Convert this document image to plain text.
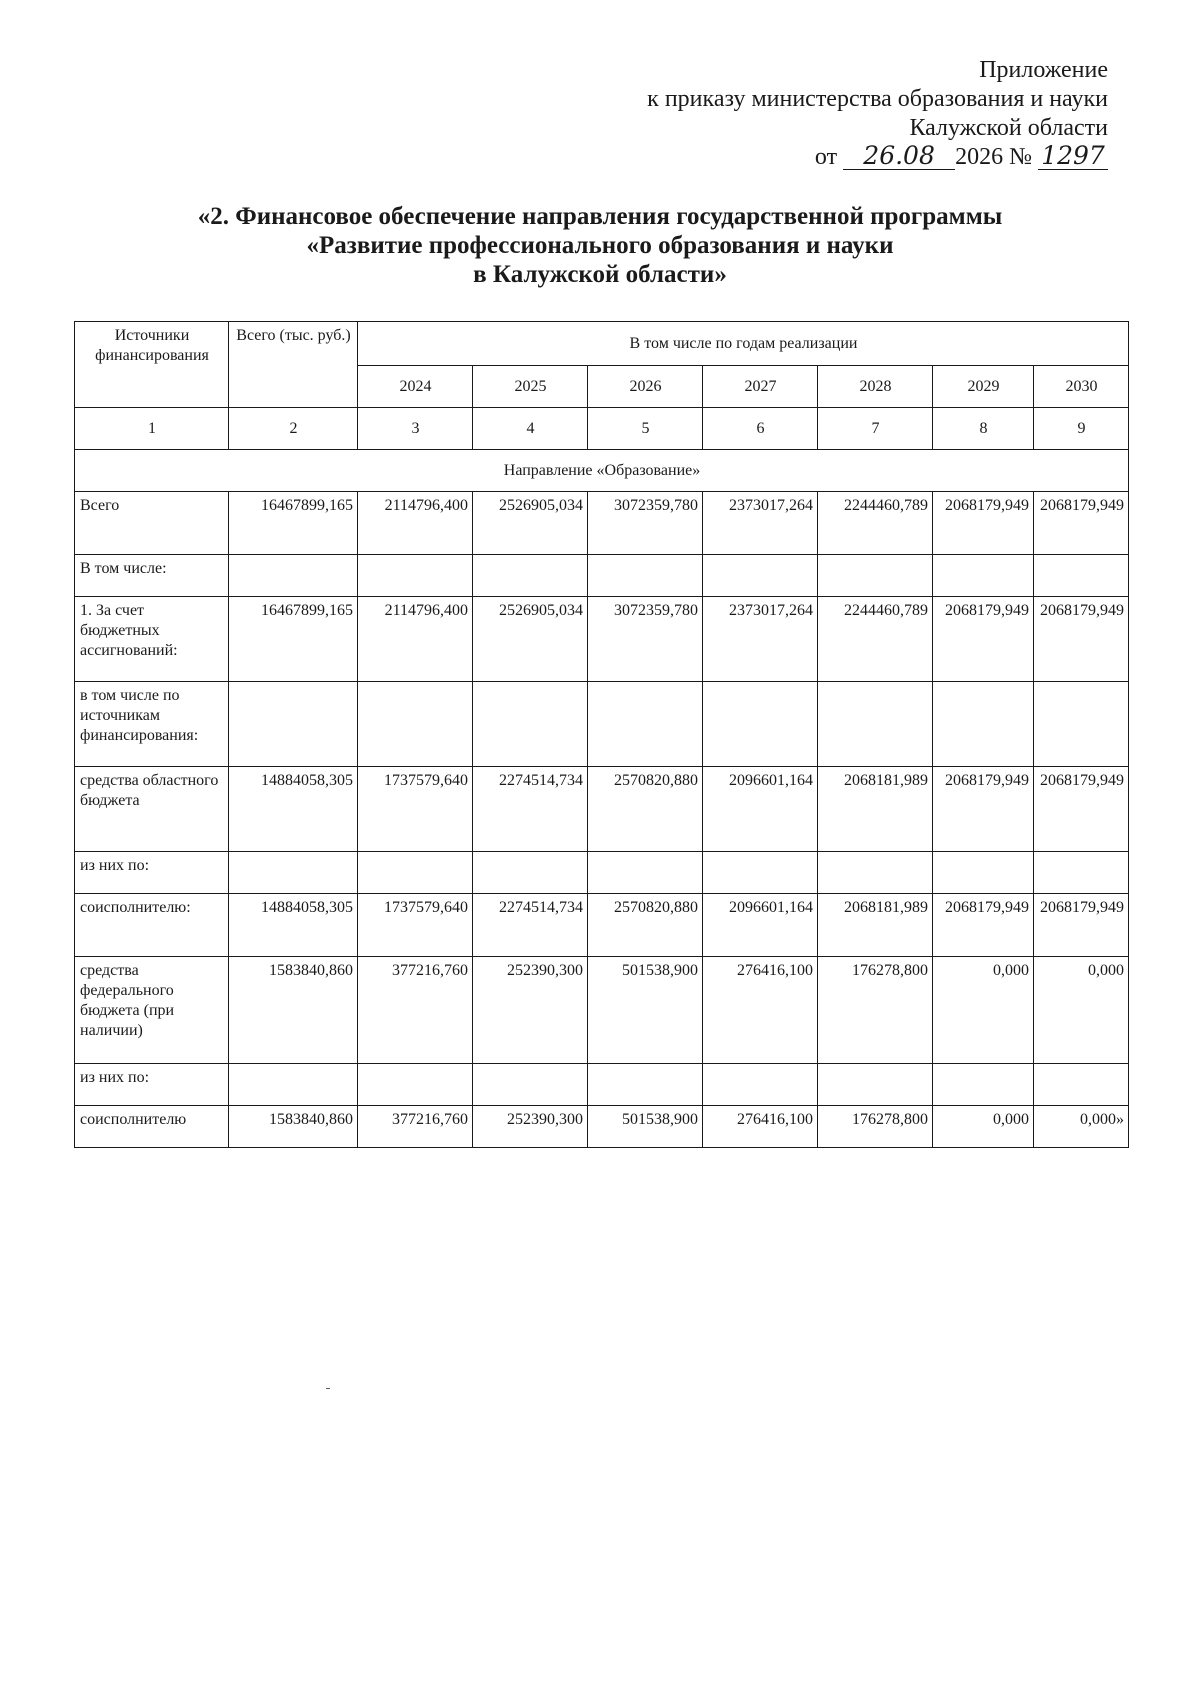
Приложение
к приказу министерства образования и науки
Калужской области
от 26.08 2026 № 1297
«2. Финансовое обеспечение направления государственной программы
«Развитие профессионального образования и науки
в Калужской области»
Источники финансирования	Всего (тыс. руб.)	В том числе по годам реализации						
		2024	2025	2026	2027	2028	2029	2030
1	2	3	4	5	6	7	8	9
Направление «Образование»								
Всего	16467899,165	2114796,400	2526905,034	3072359,780	2373017,264	2244460,789	2068179,949	2068179,949
В том числе:								
1. За счет бюджетных ассигнований:	16467899,165	2114796,400	2526905,034	3072359,780	2373017,264	2244460,789	2068179,949	2068179,949
в том числе по источникам финансирования:								
средства областного бюджета	14884058,305	1737579,640	2274514,734	2570820,880	2096601,164	2068181,989	2068179,949	2068179,949
из них по:								
соисполнителю:	14884058,305	1737579,640	2274514,734	2570820,880	2096601,164	2068181,989	2068179,949	2068179,949
средства федерального бюджета (при наличии)	1583840,860	377216,760	252390,300	501538,900	276416,100	176278,800	0,000	0,000
из них по:								
соисполнителю	1583840,860	377216,760	252390,300	501538,900	276416,100	176278,800	0,000	0,000»
